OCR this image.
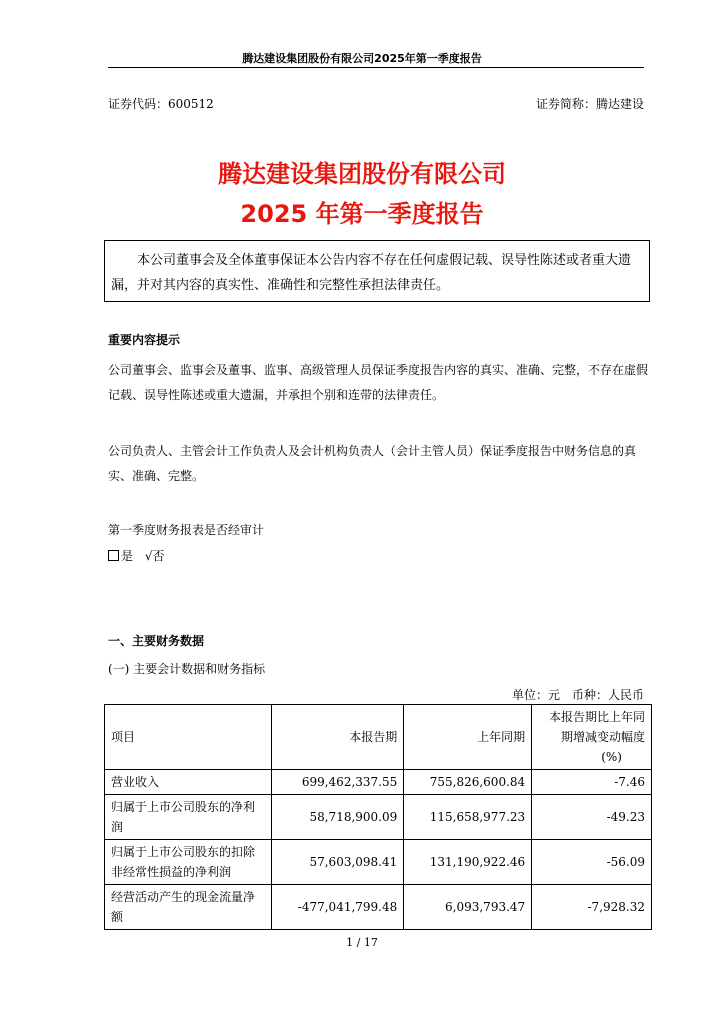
腾达建设集团股份有限公司2025年第一季度报告
证券代码：600512	证券简称：腾达建设
腾达建设集团股份有限公司
2025 年第一季度报告
本公司董事会及全体董事保证本公告内容不存在任何虚假记载、误导性陈述或者重大遗漏，并对其内容的真实性、准确性和完整性承担法律责任。
重要内容提示
公司董事会、监事会及董事、监事、高级管理人员保证季度报告内容的真实、准确、完整，不存在虚假记载、误导性陈述或重大遗漏，并承担个别和连带的法律责任。
公司负责人、主管会计工作负责人及会计机构负责人（会计主管人员）保证季度报告中财务信息的真实、准确、完整。
第一季度财务报表是否经审计
是 √否
一、主要财务数据
(一) 主要会计数据和财务指标
单位：元　币种：人民币
项目	本报告期	上年同期	本报告期比上年同
期增减变动幅度
(%)

营业收入	699,462,337.55	755,826,600.84	-7.46
归属于上市公司股东的净利润	58,718,900.09	115,658,977.23	-49.23
归属于上市公司股东的扣除非经常性损益的净利润	57,603,098.41	131,190,922.46	-56.09
经营活动产生的现金流量净额	-477,041,799.48	6,093,793.47	-7,928.32
1 / 17
